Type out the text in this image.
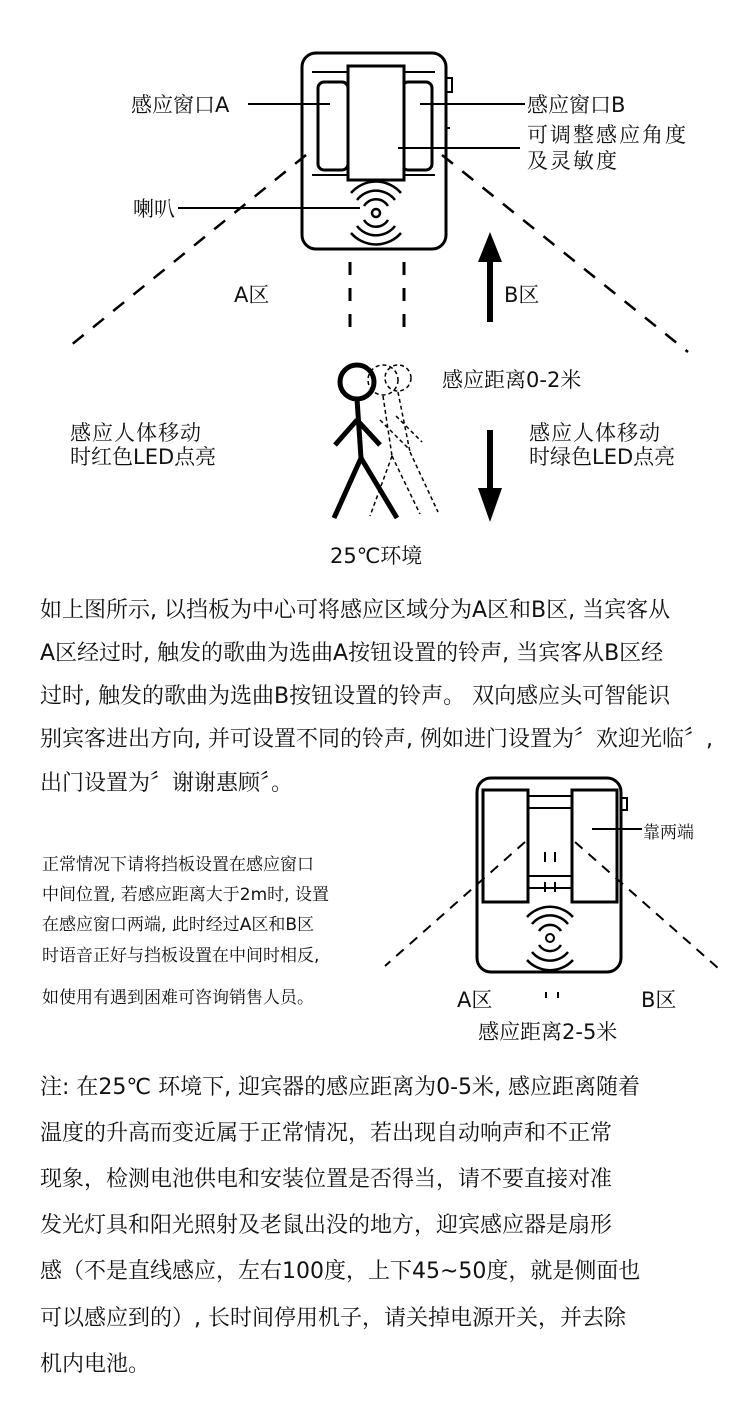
感应窗口A	感应窗口B
可调整感应角度
及灵敏度
喇叭
A区	B区
感应距离0-2米
感应人体移动
时红色LED点亮
感应人体移动
时绿色LED点亮
25℃环境
如上图所示, 以挡板为中心可将感应区域分为A区和B区, 当宾客从
A区经过时, 触发的歌曲为选曲A按钮设置的铃声, 当宾客从B区经
过时, 触发的歌曲为选曲B按钮设置的铃声。 双向感应头可智能识
别宾客进出方向, 并可设置不同的铃声, 例如进门设置为〞欢迎光临〞,
出门设置为〞谢谢惠顾〞。
正常情况下请将挡板设置在感应窗口
中间位置, 若感应距离大于2m时, 设置
在感应窗口两端, 此时经过A区和B区
时语音正好与挡板设置在中间时相反,
如使用有遇到困难可咨询销售人员。
靠两端
A区	B区
感应距离2-5米
注: 在25℃ 环境下, 迎宾器的感应距离为0-5米, 感应距离随着
温度的升高而变近属于正常情况，若出现自动响声和不正常
现象，检测电池供电和安装位置是否得当，请不要直接对准
发光灯具和阳光照射及老鼠出没的地方，迎宾感应器是扇形
感（不是直线感应，左右100度，上下45~50度，就是侧面也
可以感应到的）, 长时间停用机子，请关掉电源开关，并去除
机内电池。
